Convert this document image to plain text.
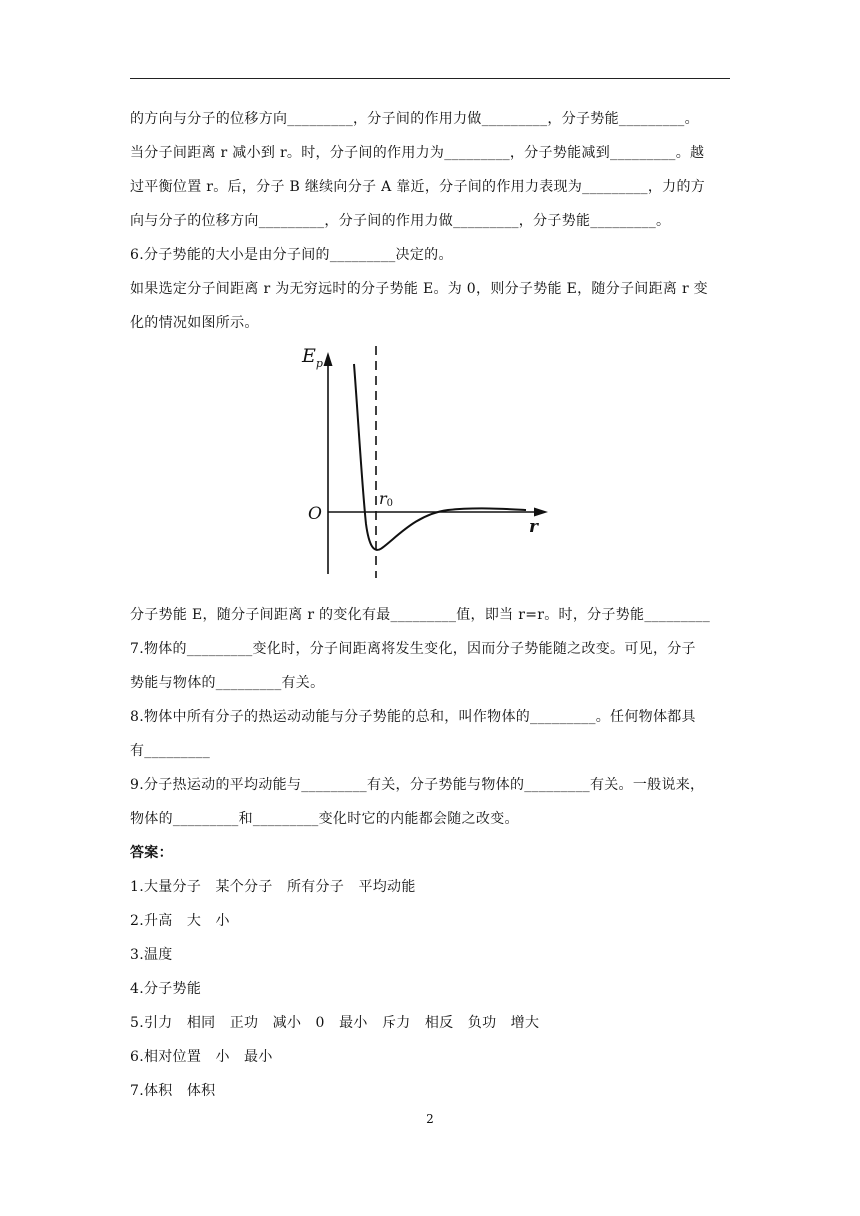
的方向与分子的位移方向_________，分子间的作用力做_________，分子势能_________。
当分子间距离 r 减小到 r。时，分子间的作用力为_________，分子势能减到_________。越
过平衡位置 r。后，分子 B 继续向分子 A 靠近，分子间的作用力表现为_________，力的方
向与分子的位移方向_________，分子间的作用力做_________，分子势能_________。
6.分子势能的大小是由分子间的_________决定的。
如果选定分子间距离 r 为无穷远时的分子势能 E。为 0，则分子势能 E，随分子间距离 r 变
化的情况如图所示。
$E_p$
O
r0
r
分子势能 E，随分子间距离 r 的变化有最_________值，即当 r=r。时，分子势能_________
7.物体的_________变化时，分子间距离将发生变化，因而分子势能随之改变。可见，分子
势能与物体的_________有关。
8.物体中所有分子的热运动动能与分子势能的总和，叫作物体的_________。任何物体都具
有_________
9.分子热运动的平均动能与_________有关，分子势能与物体的_________有关。一般说来，
物体的_________和_________变化时它的内能都会随之改变。
答案：
1.大量分子　某个分子　所有分子　平均动能
2.升高　大　小
3.温度
4.分子势能
5.引力　相同　正功　减小　0　最小　斥力　相反　负功　增大
6.相对位置　小　最小
7.体积　体积
2
